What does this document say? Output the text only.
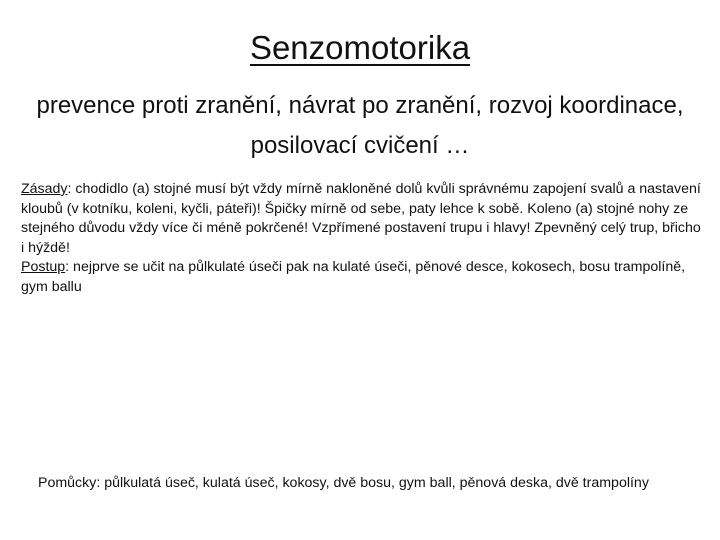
Senzomotorika
prevence proti zranění, návrat po zranění, rozvoj koordinace, posilovací cvičení …

Zásady: chodidlo (a) stojné musí být vždy mírně nakloněné dolů kvůli správnému zapojení svalů a nastavení kloubů (v kotníku, koleni, kyčli, páteři)! Špičky mírně od sebe, paty lehce k sobě. Koleno (a) stojné nohy ze stejného důvodu vždy více či méně pokrčené! Vzpřímené postavení trupu i hlavy! Zpevněný celý trup, břicho i hýždě!

Postup: nejprve se učit na půlkulaté úseči pak na kulaté úseči, pěnové desce, kokosech, bosu trampolíně, gym ballu

Pomůcky: půlkulatá úseč, kulatá úseč, kokosy, dvě bosu, gym ball, pěnová deska, dvě trampolíny
